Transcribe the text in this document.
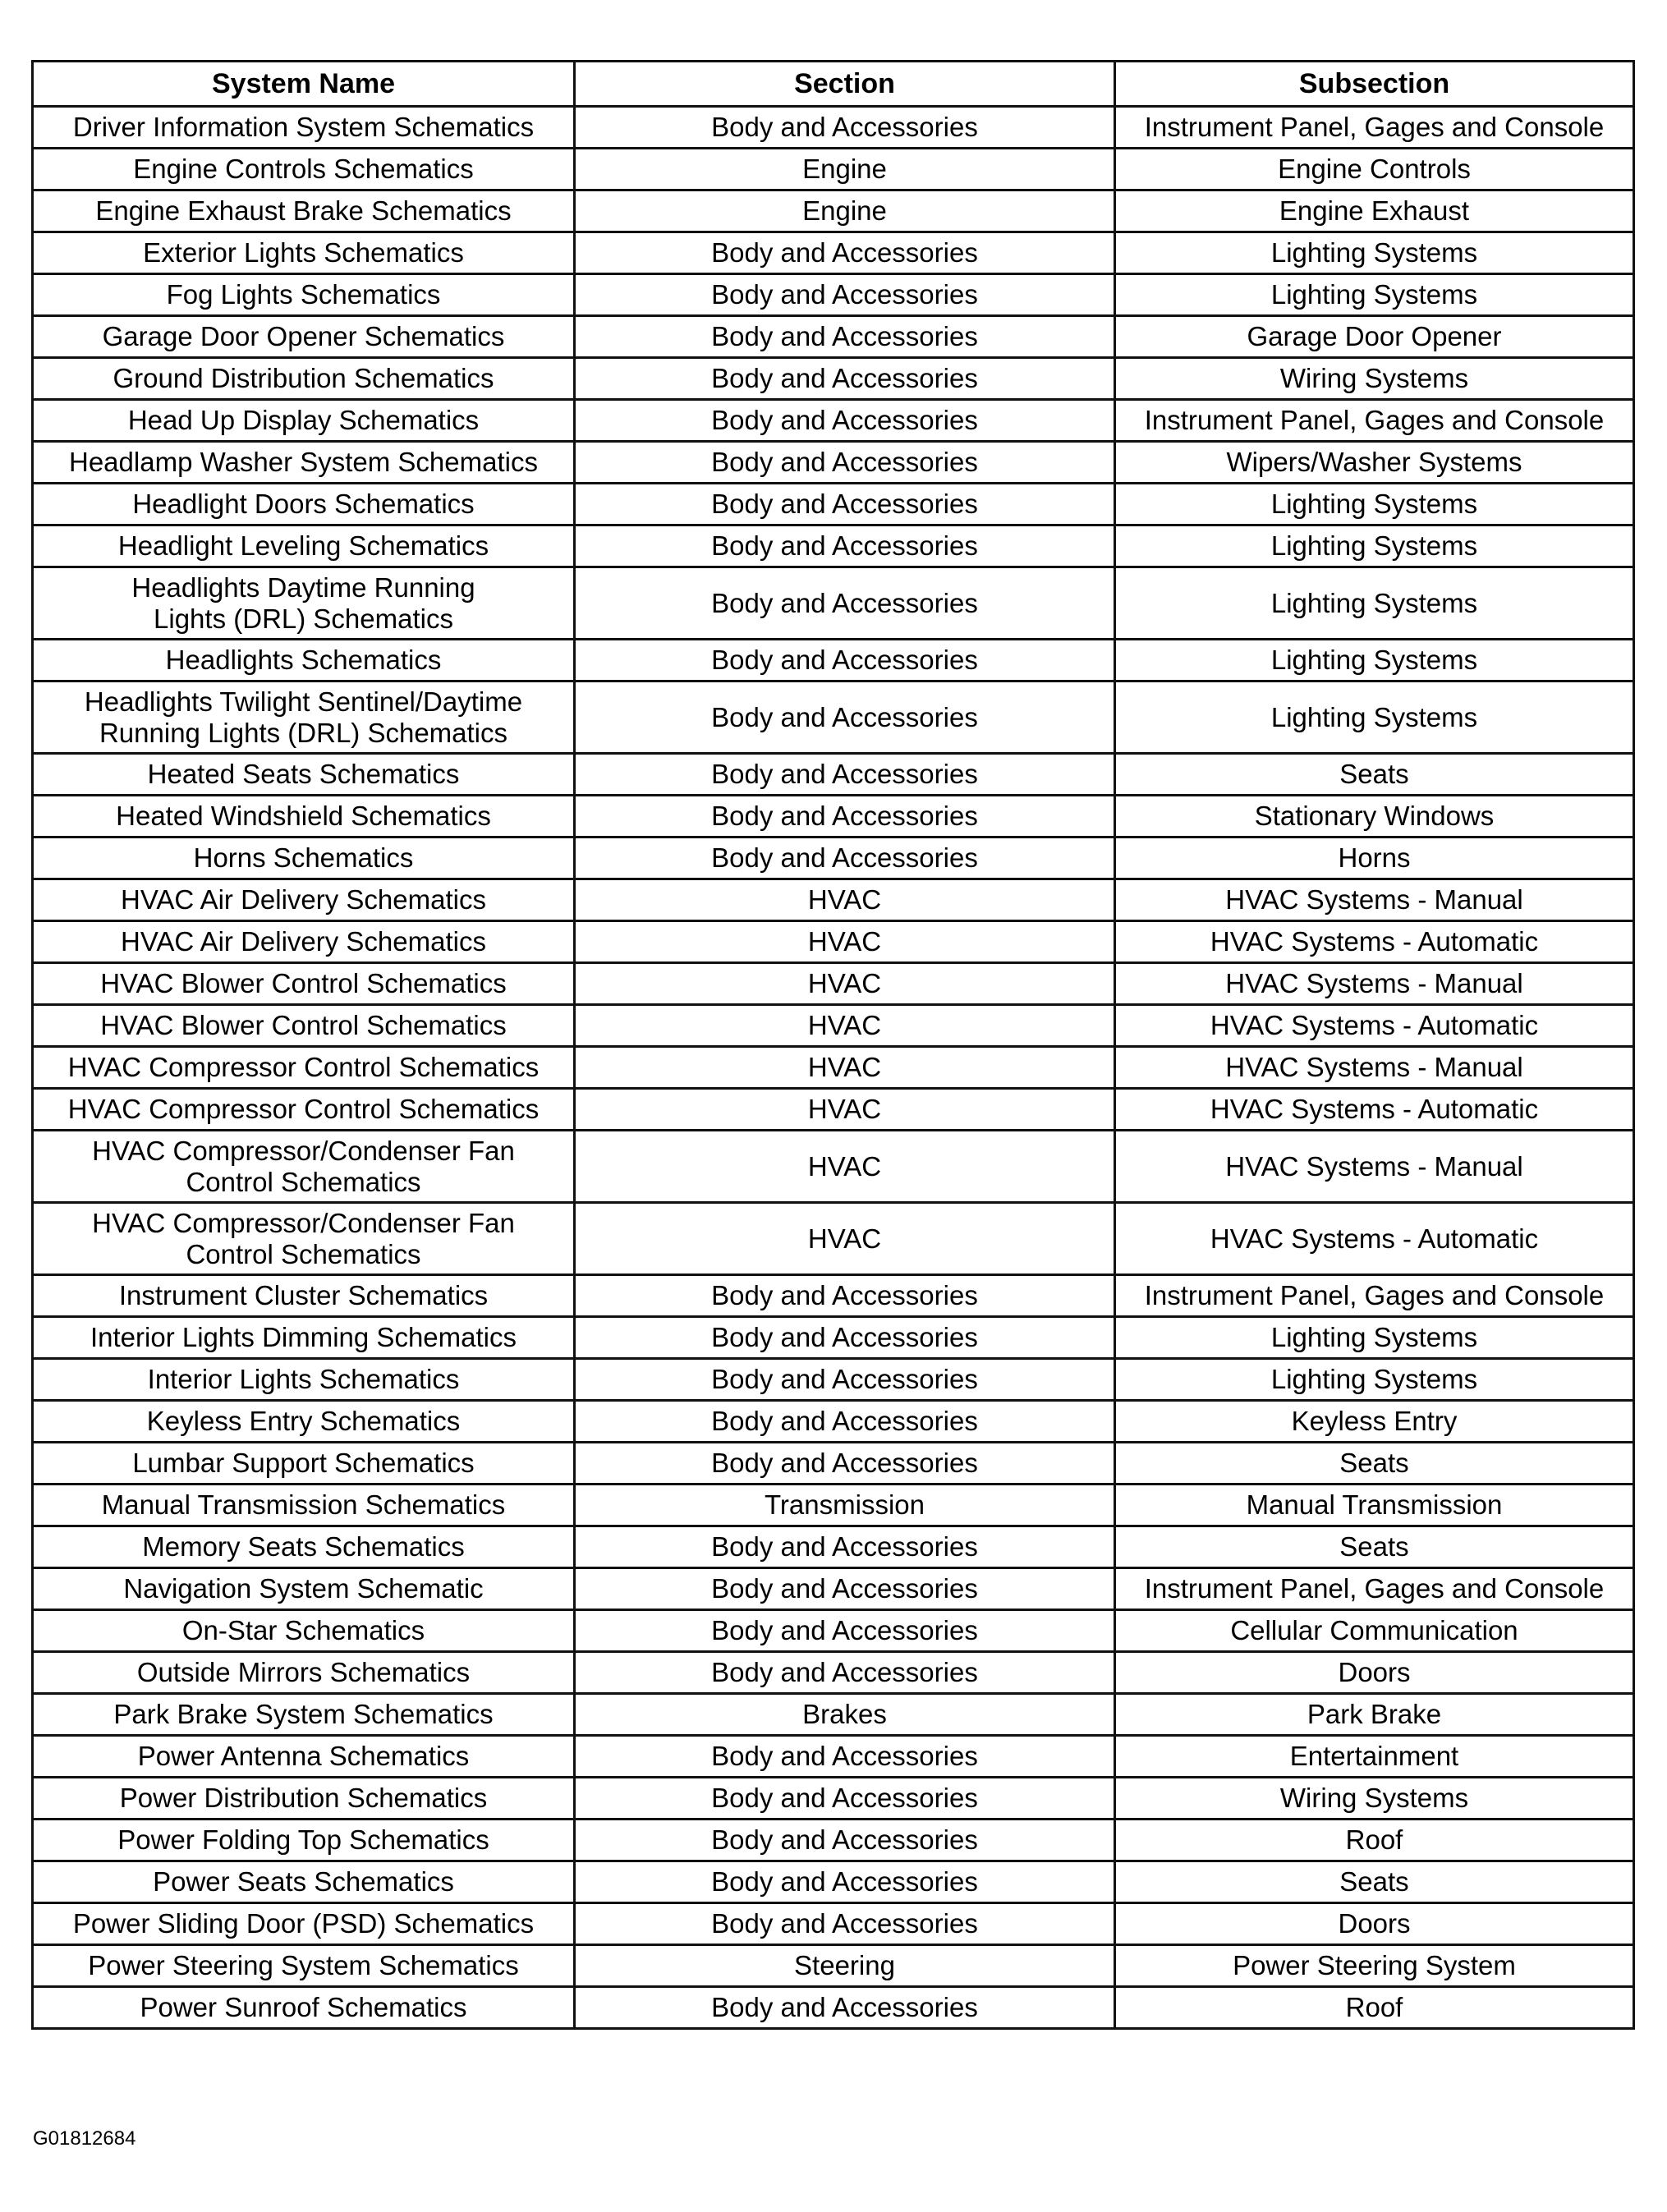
System Name	Section	Subsection
Driver Information System Schematics	Body and Accessories	Instrument Panel, Gages and Console
Engine Controls Schematics	Engine	Engine Controls
Engine Exhaust Brake Schematics	Engine	Engine Exhaust
Exterior Lights Schematics	Body and Accessories	Lighting Systems
Fog Lights Schematics	Body and Accessories	Lighting Systems
Garage Door Opener Schematics	Body and Accessories	Garage Door Opener
Ground Distribution Schematics	Body and Accessories	Wiring Systems
Head Up Display Schematics	Body and Accessories	Instrument Panel, Gages and Console
Headlamp Washer System Schematics	Body and Accessories	Wipers/Washer Systems
Headlight Doors Schematics	Body and Accessories	Lighting Systems
Headlight Leveling Schematics	Body and Accessories	Lighting Systems
Headlights Daytime Running
Lights (DRL) Schematics	Body and Accessories	Lighting Systems
Headlights Schematics	Body and Accessories	Lighting Systems
Headlights Twilight Sentinel/Daytime
Running Lights (DRL) Schematics	Body and Accessories	Lighting Systems
Heated Seats Schematics	Body and Accessories	Seats
Heated Windshield Schematics	Body and Accessories	Stationary Windows
Horns Schematics	Body and Accessories	Horns
HVAC Air Delivery Schematics	HVAC	HVAC Systems - Manual
HVAC Air Delivery Schematics	HVAC	HVAC Systems - Automatic
HVAC Blower Control Schematics	HVAC	HVAC Systems - Manual
HVAC Blower Control Schematics	HVAC	HVAC Systems - Automatic
HVAC Compressor Control Schematics	HVAC	HVAC Systems - Manual
HVAC Compressor Control Schematics	HVAC	HVAC Systems - Automatic
HVAC Compressor/Condenser Fan
Control Schematics	HVAC	HVAC Systems - Manual
HVAC Compressor/Condenser Fan
Control Schematics	HVAC	HVAC Systems - Automatic
Instrument Cluster Schematics	Body and Accessories	Instrument Panel, Gages and Console
Interior Lights Dimming Schematics	Body and Accessories	Lighting Systems
Interior Lights Schematics	Body and Accessories	Lighting Systems
Keyless Entry Schematics	Body and Accessories	Keyless Entry
Lumbar Support Schematics	Body and Accessories	Seats
Manual Transmission Schematics	Transmission	Manual Transmission
Memory Seats Schematics	Body and Accessories	Seats
Navigation System Schematic	Body and Accessories	Instrument Panel, Gages and Console
On-Star Schematics	Body and Accessories	Cellular Communication
Outside Mirrors Schematics	Body and Accessories	Doors
Park Brake System Schematics	Brakes	Park Brake
Power Antenna Schematics	Body and Accessories	Entertainment
Power Distribution Schematics	Body and Accessories	Wiring Systems
Power Folding Top Schematics	Body and Accessories	Roof
Power Seats Schematics	Body and Accessories	Seats
Power Sliding Door (PSD) Schematics	Body and Accessories	Doors
Power Steering System Schematics	Steering	Power Steering System
Power Sunroof Schematics	Body and Accessories	Roof
G01812684
